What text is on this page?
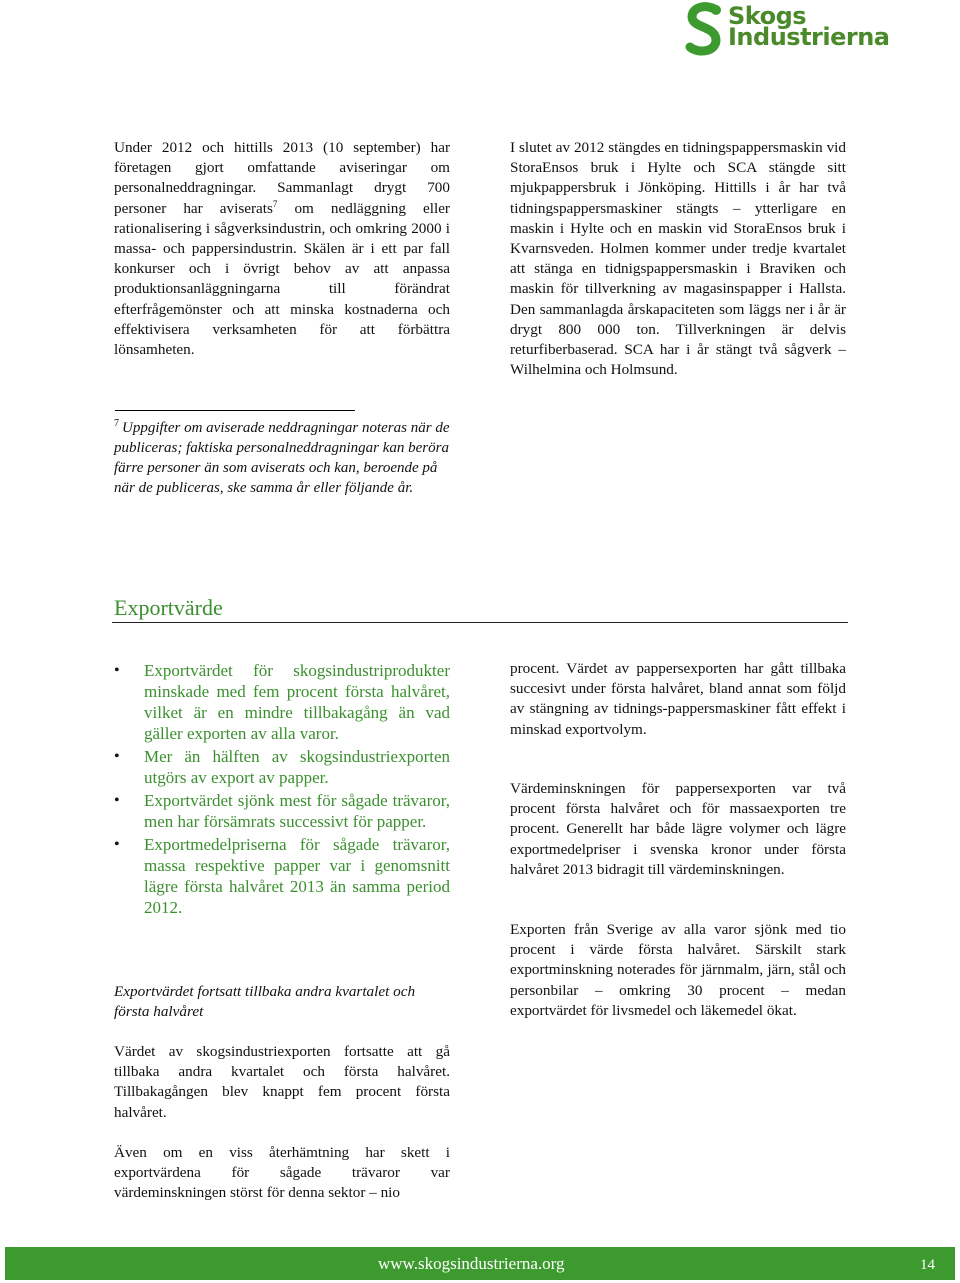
Skogs
Industrierna

Under 2012 och hittills 2013 (10 september) har företagen gjort omfattande aviseringar om personalneddragningar. Sammanlagt drygt 700 personer har aviserats$^7$ om nedläggning eller rationalisering i sågverksindustrin, och omkring 2000 i massa- och pappersindustrin. Skälen är i ett par fall konkurser och i övrigt behov av att anpassa produktionsanläggningarna till förändrat efterfrågemönster och att minska kostnaderna och effektivisera verksamheten för att förbättra lönsamheten.

$^7$ Uppgifter om aviserade neddragningar noteras när de publiceras; faktiska personalneddragningar kan beröra färre personer än som aviserats och kan, beroende på när de publiceras, ske samma år eller följande år.

I slutet av 2012 stängdes en tidningspappersmaskin vid StoraEnsos bruk i Hylte och SCA stängde sitt mjukpappersbruk i Jönköping. Hittills i år har två tidningspappersmaskiner stängts – ytterligare en maskin i Hylte och en maskin vid StoraEnsos bruk i Kvarnsveden. Holmen kommer under tredje kvartalet att stänga en tidnigspappersmaskin i Braviken och maskin för tillverkning av magasinspapper i Hallsta. Den sammanlagda årskapaciteten som läggs ner i år är drygt 800 000 ton. Tillverkningen är delvis returfiberbaserad. SCA har i år stängt två sågverk – Wilhelmina och Holmsund.

Exportvärde
• Exportvärdet för skogsindustriprodukter minskade med fem procent första halvåret, vilket är en mindre tillbakagång än vad gäller exporten av alla varor.
• Mer än hälften av skogsindustriexporten utgörs av export av papper.
• Exportvärdet sjönk mest för sågade trävaror, men har försämrats successivt för papper.
• Exportmedelpriserna för sågade trävaror, massa respektive papper var i genomsnitt lägre första halvåret 2013 än samma period 2012.
Exportvärdet fortsatt tillbaka andra kvartalet och första halvåret

Värdet av skogsindustriexporten fortsatte att gå tillbaka andra kvartalet och första halvåret. Tillbakagången blev knappt fem procent första halvåret.

Även om en viss återhämtning har skett i exportvärdena för sågade trävaror var värdeminskningen störst för denna sektor – nio

procent. Värdet av pappersexporten har gått tillbaka succesivt under första halvåret, bland annat som följd av stängning av tidnings-pappersmaskiner fått effekt i minskad exportvolym.

Värdeminskningen för pappersexporten var två procent första halvåret och för massaexporten tre procent. Generellt har både lägre volymer och lägre exportmedelpriser i svenska kronor under första halvåret 2013 bidragit till värdeminskningen.

Exporten från Sverige av alla varor sjönk med tio procent i värde första halvåret. Särskilt stark exportminskning noterades för järnmalm, järn, stål och personbilar – omkring 30 procent – medan exportvärdet för livsmedel och läkemedel ökat.

www.skogsindustrierna.org	14
